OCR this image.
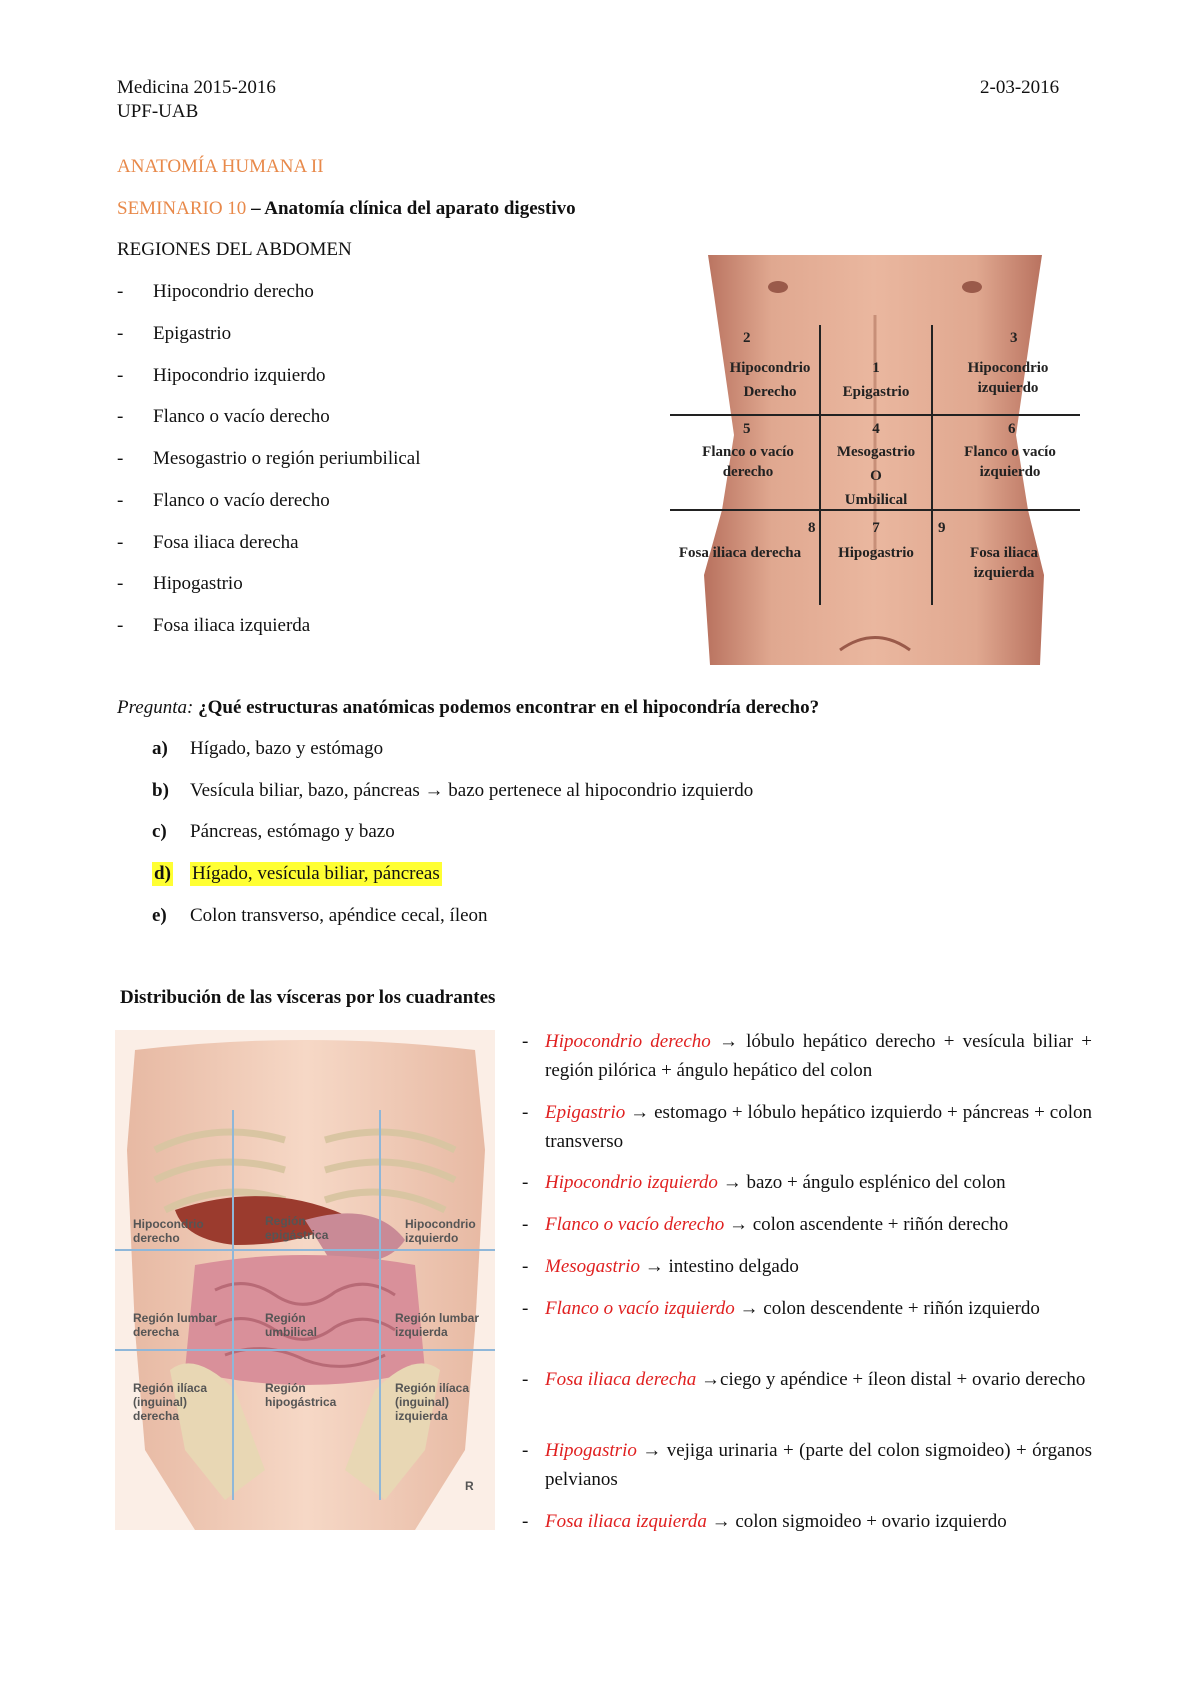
Medicina 2015-2016	2-03-2016
UPF-UAB
ANATOMÍA HUMANA II
SEMINARIO 10 – Anatomía clínica del aparato digestivo
REGIONES DEL ABDOMEN
- Hipocondrio derecho
- Epigastrio
- Hipocondrio izquierdo
- Flanco o vacío derecho
- Mesogastrio o región periumbilical
- Flanco o vacío derecho
- Fosa iliaca derecha
- Hipogastrio
- Fosa iliaca izquierda
2
Hipocondrio
Derecho
1
Epigastrio
3
Hipocondrio
izquierdo
5
Flanco o vacío
derecho
4
Mesogastrio
O
Umbilical
6
Flanco o vacío
izquierdo
8
Fosa iliaca derecha
7
Hipogastrio
9
Fosa iliaca
izquierda
Pregunta: ¿Qué estructuras anatómicas podemos encontrar en el hipocondría derecho?
a) Hígado, bazo y estómago
b) Vesícula biliar, bazo, páncreas → bazo pertenece al hipocondrio izquierdo
c) Páncreas, estómago y bazo
d) Hígado, vesícula biliar, páncreas
e) Colon transverso, apéndice cecal, íleon
Distribución de las vísceras por los cuadrantes
Hipocondrio
derecho
Región
epigástrica
Hipocondrio
izquierdo
Región lumbar
derecha
Región
umbilical
Región lumbar
izquierda
Región ilíaca
(inguinal)
derecha
Región
hipogástrica
Región ilíaca
(inguinal)
izquierda
R
- Hipocondrio derecho → lóbulo hepático derecho + vesícula biliar + región pilórica + ángulo hepático del colon
- Epigastrio → estomago + lóbulo hepático izquierdo + páncreas + colon transverso
- Hipocondrio izquierdo → bazo + ángulo esplénico del colon
- Flanco o vacío derecho → colon ascendente + riñón derecho
- Mesogastrio → intestino delgado
- Flanco o vacío izquierdo → colon descendente + riñón izquierdo
- Fosa iliaca derecha →ciego y apéndice + íleon distal + ovario derecho
- Hipogastrio → vejiga urinaria + (parte del colon sigmoideo) + órganos pelvianos
- Fosa iliaca izquierda → colon sigmoideo + ovario izquierdo
